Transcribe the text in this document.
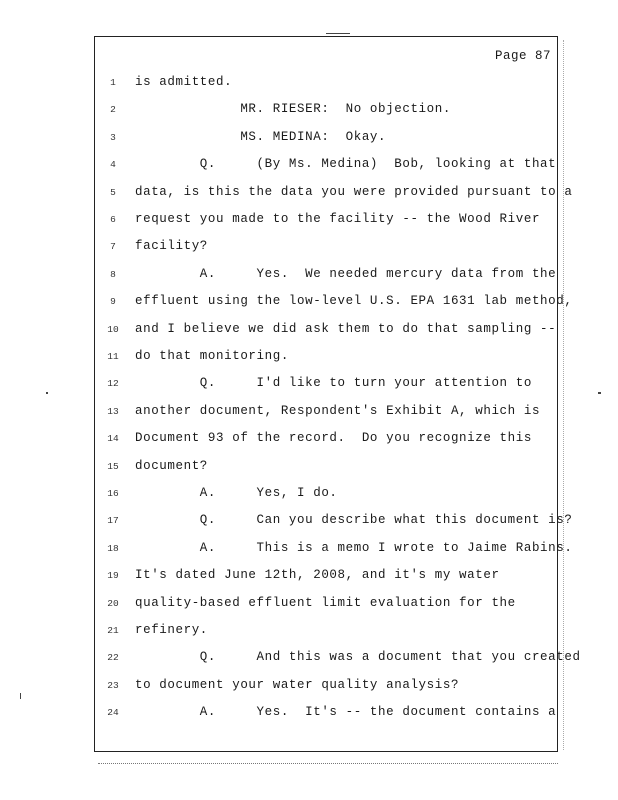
Page 87
1	is admitted.
2	MR. RIESER:  No objection.
3	MS. MEDINA:  Okay.
4	Q.     (By Ms. Medina)  Bob, looking at that
5	data, is this the data you were provided pursuant to a
6	request you made to the facility -- the Wood River
7	facility?
8	A.     Yes.  We needed mercury data from the
9	effluent using the low-level U.S. EPA 1631 lab method,
10 and I believe we did ask them to do that sampling --
11 do that monitoring.
12 Q.     I'd like to turn your attention to
13 another document, Respondent's Exhibit A, which is
14 Document 93 of the record.  Do you recognize this
15 document?
16 A.     Yes, I do.
17 Q.     Can you describe what this document is?
18 A.     This is a memo I wrote to Jaime Rabins.
19 It's dated June 12th, 2008, and it's my water
20 quality-based effluent limit evaluation for the
21 refinery.
22 Q.     And this was a document that you created
23 to document your water quality analysis?
24 A.     Yes.  It's -- the document contains a
